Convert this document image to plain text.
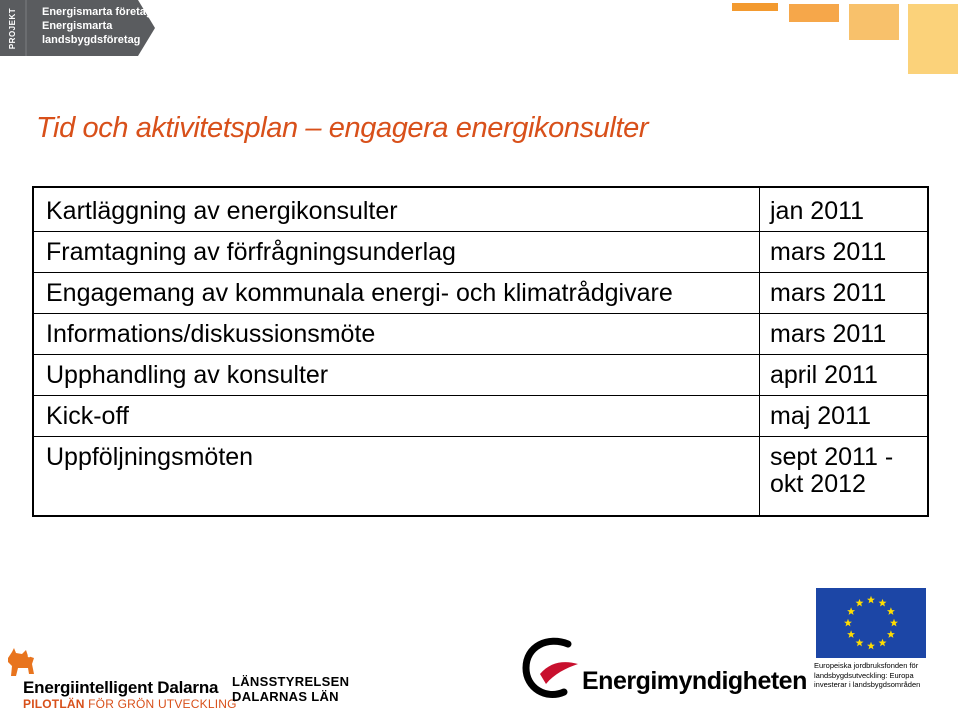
PROJEKT Energismarta företag
Energismarta
landsbygdsföretag
Tid och aktivitetsplan – engagera energikonsulter
Kartläggning av energikonsulter	jan 2011
Framtagning av förfrågningsunderlag	mars 2011
Engagemang av kommunala energi- och klimatrådgivare	mars 2011
Informations/diskussionsmöte	mars 2011
Upphandling av konsulter	april 2011
Kick-off	maj 2011
Uppföljningsmöten	sept 2011 - okt 2012
Energiintelligent Dalarna
PILOTLÄN FÖR GRÖN UTVECKLING
LÄNSSTYRELSEN
DALARNAS LÄN
Energimyndigheten
Europeiska jordbruksfonden för landsbygdsutveckling: Europa investerar i landsbygdsområden
